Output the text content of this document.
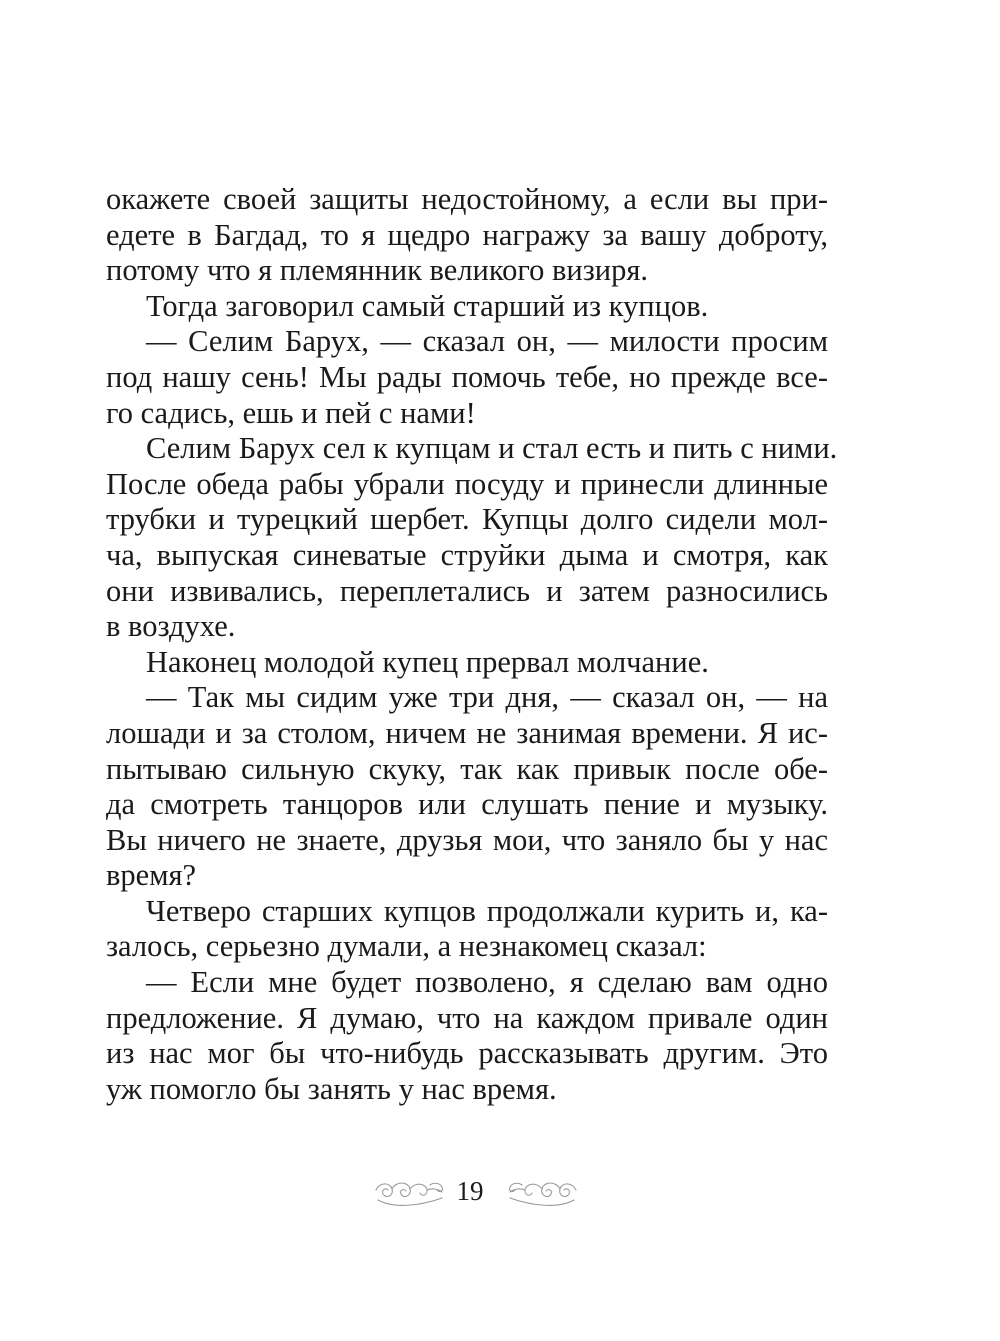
окажете своей защиты недостойному, а если вы при-
едете в Багдад, то я щедро награжу за вашу доброту,
потому что я племянник великого визиря.
Тогда заговорил самый старший из купцов.
— Селим Барух, — сказал он, — милости просим
под нашу сень! Мы рады помочь тебе, но прежде все-
го садись, ешь и пей с нами!
Селим Барух сел к купцам и стал есть и пить с ними.
После обеда рабы убрали посуду и принесли длинные
трубки и турецкий шербет. Купцы долго сидели мол-
ча, выпуская синеватые струйки дыма и смотря, как
они извивались, переплетались и затем разносились
в воздухе.
Наконец молодой купец прервал молчание.
— Так мы сидим уже три дня, — сказал он, — на
лошади и за столом, ничем не занимая времени. Я ис-
пытываю сильную скуку, так как привык после обе-
да смотреть танцоров или слушать пение и музыку.
Вы ничего не знаете, друзья мои, что заняло бы у нас
время?
Четверо старших купцов продолжали курить и, ка-
залось, серьезно думали, а незнакомец сказал:
— Если мне будет позволено, я сделаю вам одно
предложение. Я думаю, что на каждом привале один
из нас мог бы что-нибудь рассказывать другим. Это
уж помогло бы занять у нас время.
19
